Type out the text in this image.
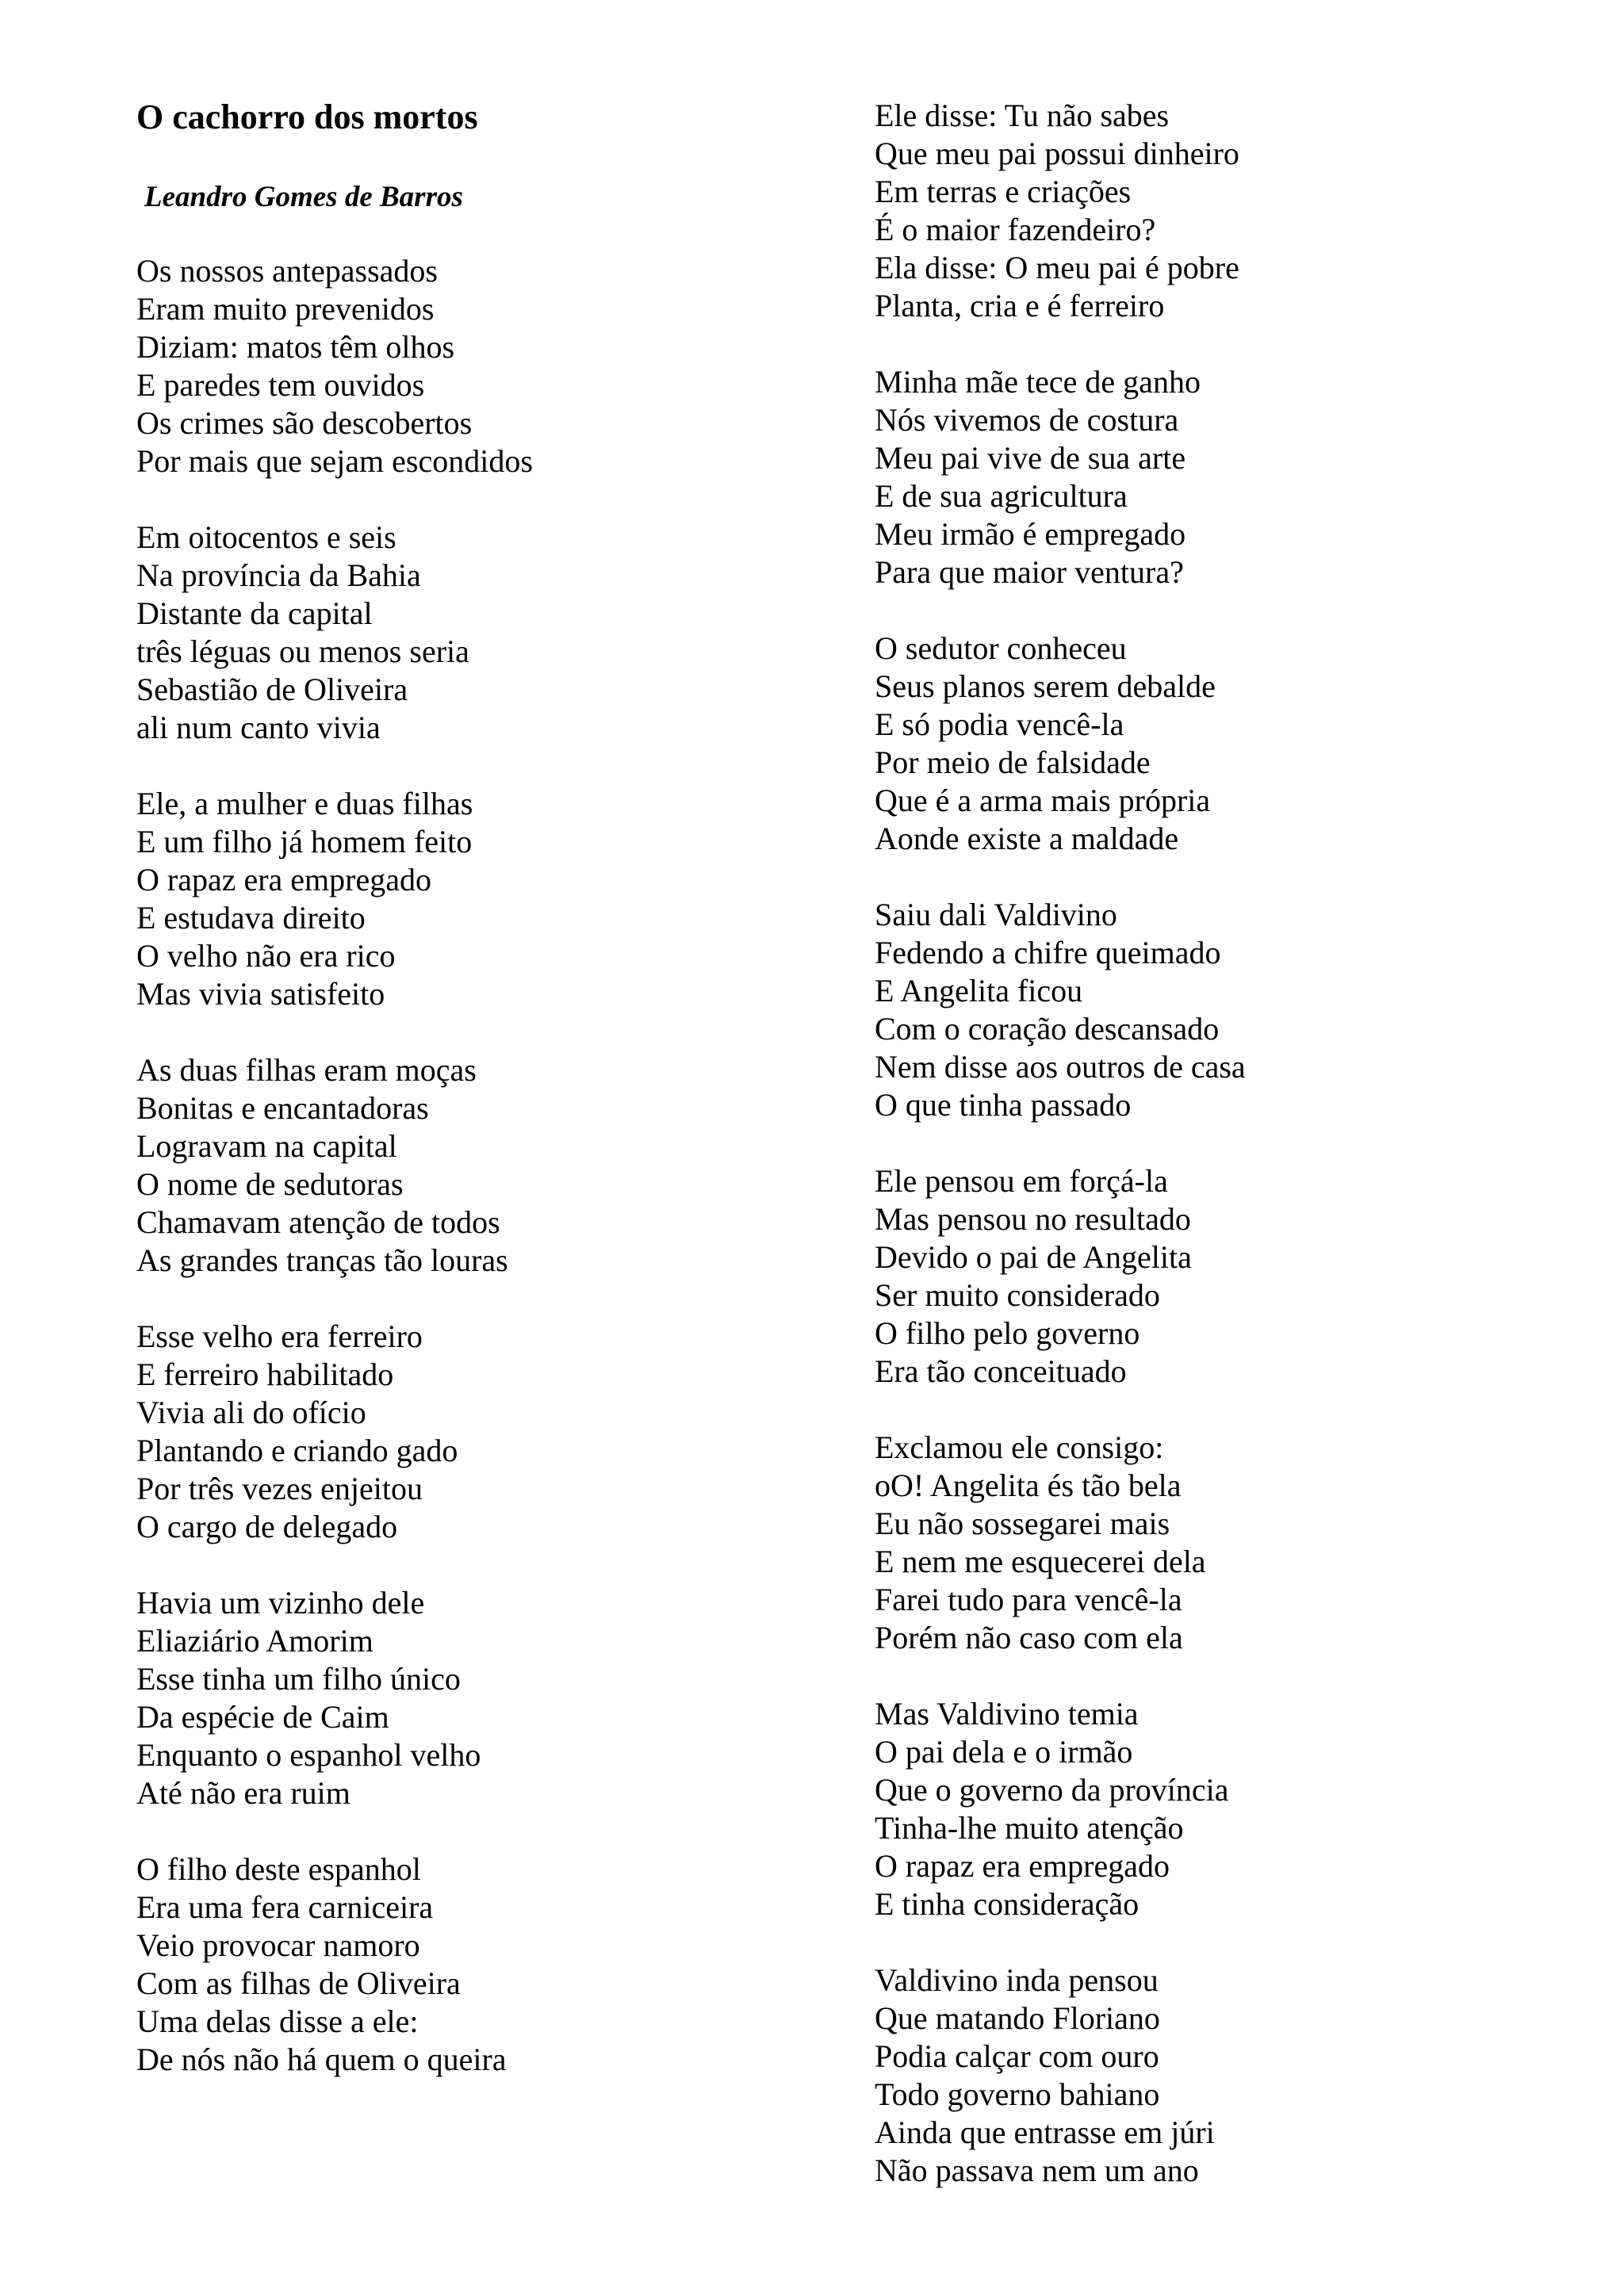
O cachorro dos mortos

Leandro Gomes de Barros

Os nossos antepassados
Eram muito prevenidos
Diziam: matos têm olhos
E paredes tem ouvidos
Os crimes são descobertos
Por mais que sejam escondidos
Em oitocentos e seis
Na província da Bahia
Distante da capital
três léguas ou menos seria
Sebastião de Oliveira
ali num canto vivia
Ele, a mulher e duas filhas
E um filho já homem feito
O rapaz era empregado
E estudava direito
O velho não era rico
Mas vivia satisfeito
As duas filhas eram moças
Bonitas e encantadoras
Logravam na capital
O nome de sedutoras
Chamavam atenção de todos
As grandes tranças tão louras
Esse velho era ferreiro
E ferreiro habilitado
Vivia ali do ofício
Plantando e criando gado
Por três vezes enjeitou
O cargo de delegado
Havia um vizinho dele
Eliaziário Amorim
Esse tinha um filho único
Da espécie de Caim
Enquanto o espanhol velho
Até não era ruim
O filho deste espanhol
Era uma fera carniceira
Veio provocar namoro
Com as filhas de Oliveira
Uma delas disse a ele:
De nós não há quem o queira
Ele disse: Tu não sabes
Que meu pai possui dinheiro
Em terras e criações
É o maior fazendeiro?
Ela disse: O meu pai é pobre
Planta, cria e é ferreiro
Minha mãe tece de ganho
Nós vivemos de costura
Meu pai vive de sua arte
E de sua agricultura
Meu irmão é empregado
Para que maior ventura?
O sedutor conheceu
Seus planos serem debalde
E só podia vencê-la
Por meio de falsidade
Que é a arma mais própria
Aonde existe a maldade
Saiu dali Valdivino
Fedendo a chifre queimado
E Angelita ficou
Com o coração descansado
Nem disse aos outros de casa
O que tinha passado
Ele pensou em forçá-la
Mas pensou no resultado
Devido o pai de Angelita
Ser muito considerado
O filho pelo governo
Era tão conceituado
Exclamou ele consigo:
oO! Angelita és tão bela
Eu não sossegarei mais
E nem me esquecerei dela
Farei tudo para vencê-la
Porém não caso com ela
Mas Valdivino temia
O pai dela e o irmão
Que o governo da província
Tinha-lhe muito atenção
O rapaz era empregado
E tinha consideração
Valdivino inda pensou
Que matando Floriano
Podia calçar com ouro
Todo governo bahiano
Ainda que entrasse em júri
Não passava nem um ano
